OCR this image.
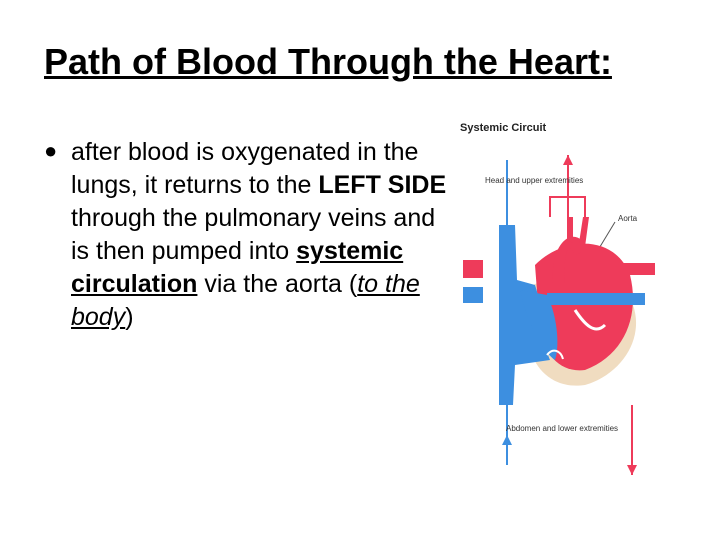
Path of Blood Through the Heart:
● after blood is oxygenated in the lungs, it returns to the LEFT SIDE through the pulmonary veins and is then pumped into systemic circulation via the aorta (to the body)
Systemic Circuit
Head and upper extremities
Aorta
Abdomen and lower extremities
